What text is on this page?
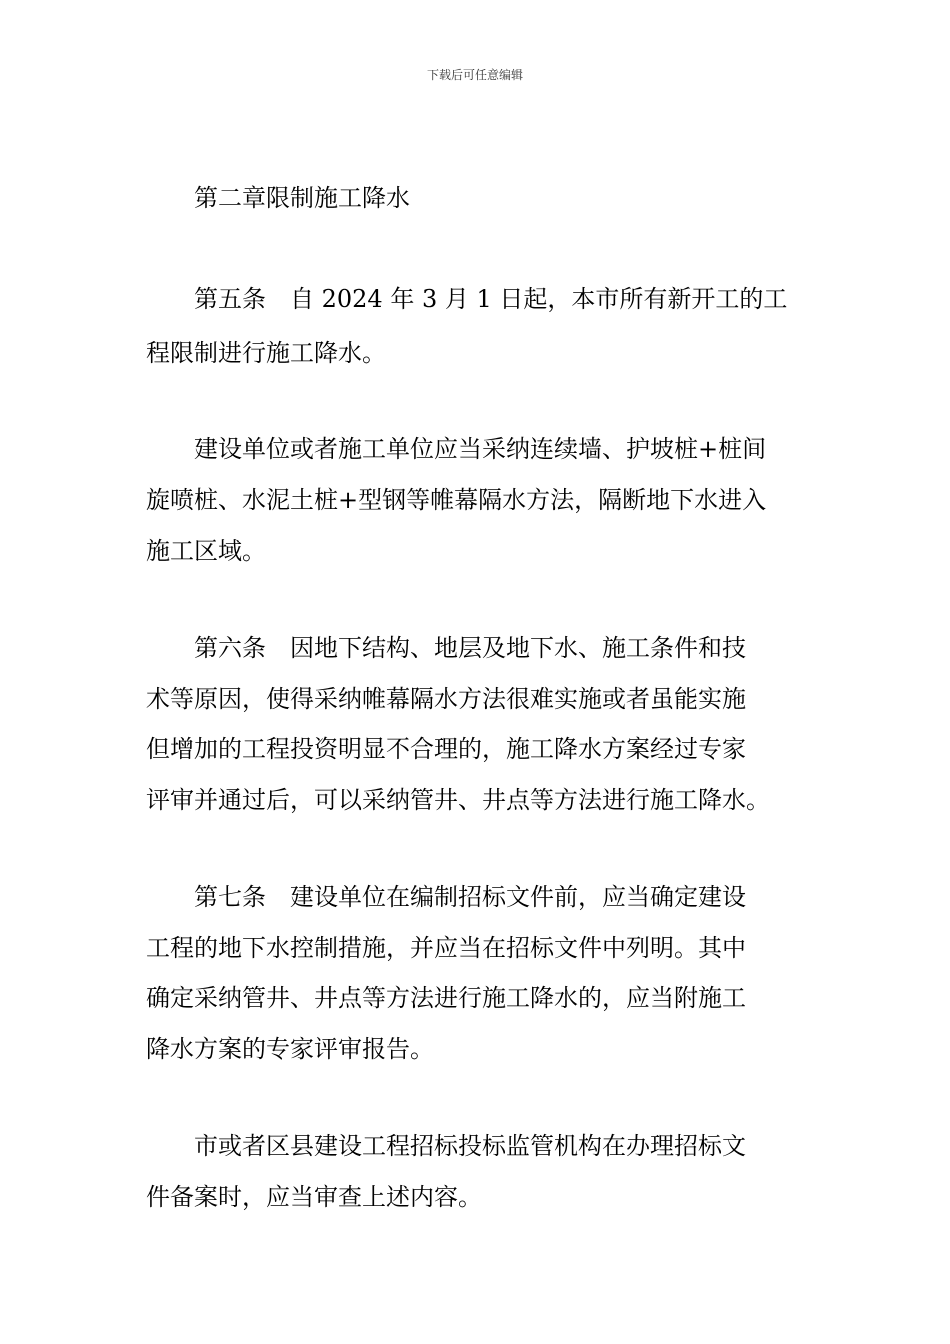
下载后可任意编辑
　　第二章限制施工降水
　　第五条　自 2024 年 3 月 1 日起，本市所有新开工的工
程限制进行施工降水。
　　建设单位或者施工单位应当采纳连续墙、护坡桩+桩间
旋喷桩、水泥土桩+型钢等帷幕隔水方法，隔断地下水进入
施工区域。
　　第六条　因地下结构、地层及地下水、施工条件和技
术等原因，使得采纳帷幕隔水方法很难实施或者虽能实施
但增加的工程投资明显不合理的，施工降水方案经过专家
评审并通过后，可以采纳管井、井点等方法进行施工降水。
　　第七条　建设单位在编制招标文件前，应当确定建设
工程的地下水控制措施，并应当在招标文件中列明。其中
确定采纳管井、井点等方法进行施工降水的，应当附施工
降水方案的专家评审报告。
　　市或者区县建设工程招标投标监管机构在办理招标文
件备案时，应当审查上述内容。
